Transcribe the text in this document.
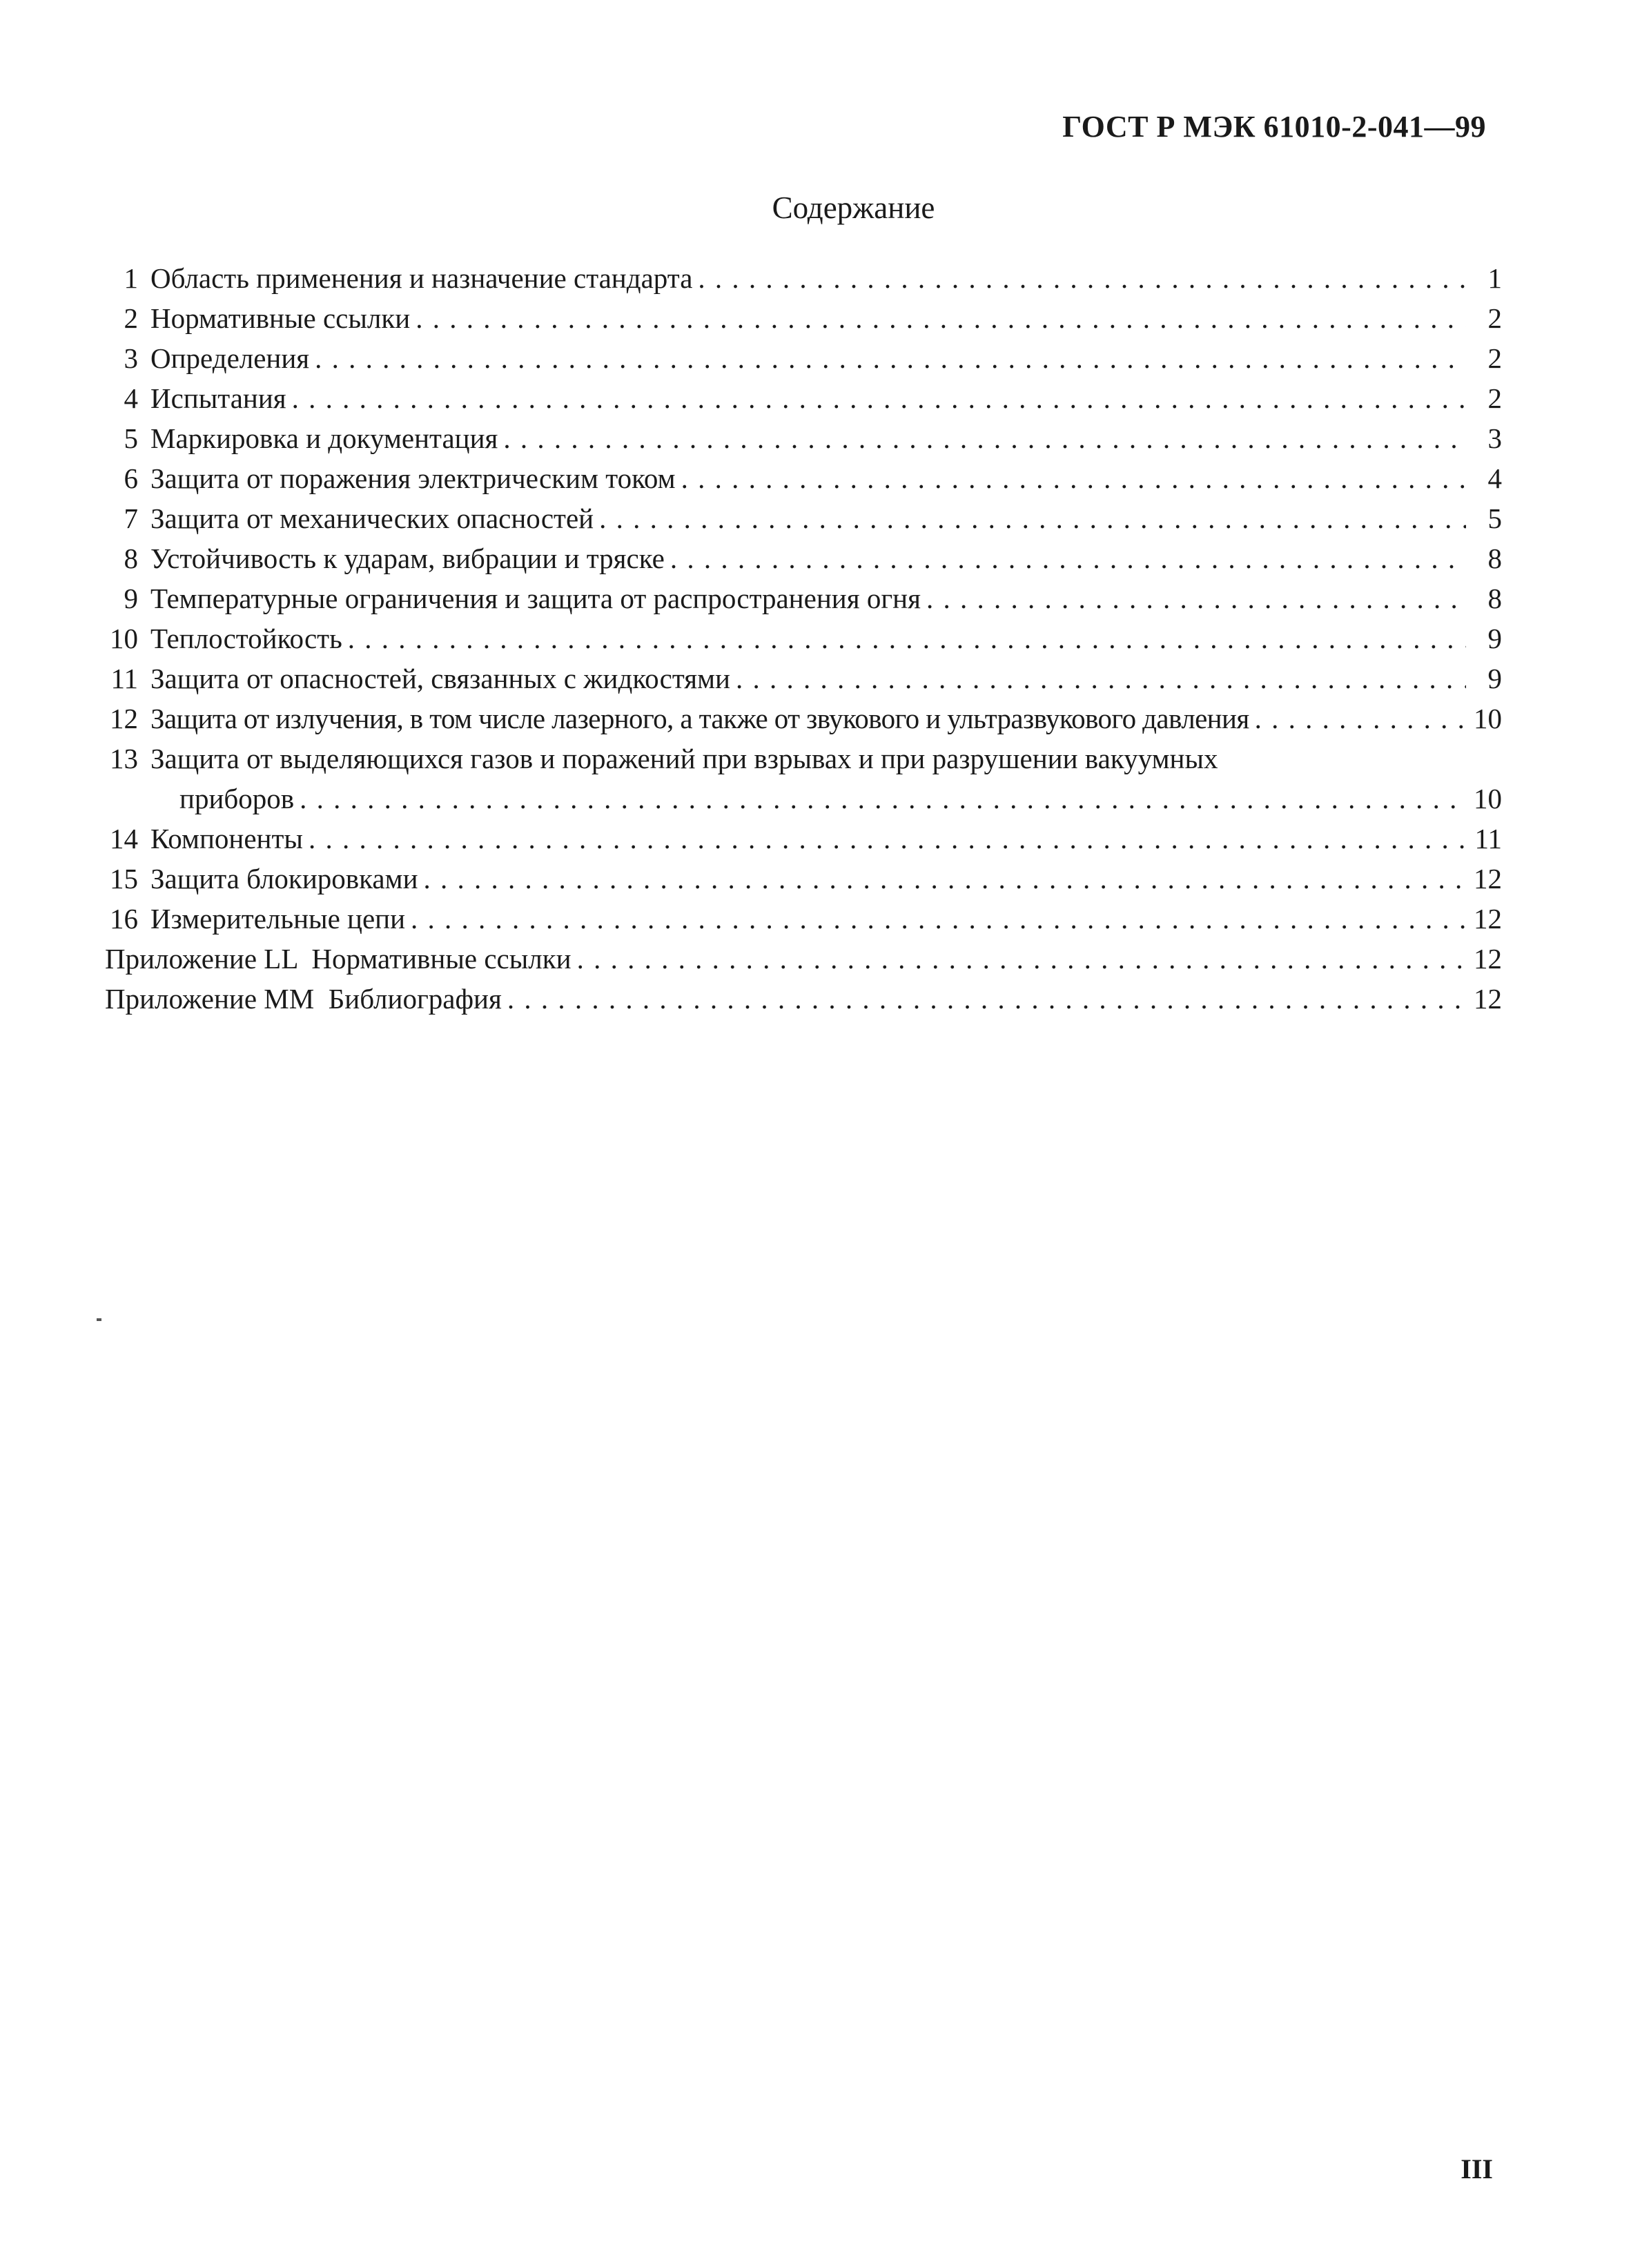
ГОСТ Р МЭК 61010-2-041—99
Содержание
1 Область применения и назначение стандарта . . .	1
2 Нормативные ссылки . . .	2
3 Определения . . .	2
4 Испытания . . .	2
5 Маркировка и документация . . .	3
6 Защита от поражения электрическим током . . .	4
7 Защита от механических опасностей . . .	5
8 Устойчивость к ударам, вибрации и тряске . . .	8
9 Температурные ограничения и защита от распространения огня . . .	8
10 Теплостойкость . . .	9
11 Защита от опасностей, связанных с жидкостями . . .	9
12 Защита от излучения, в том числе лазерного, а также от звукового и ультразвукового давления . . .	10
13 Защита от выделяющихся газов и поражений при взрывах и при разрушении вакуумных
приборов . . .	10
14 Компоненты . . .	11
15 Защита блокировками . . .	12
16 Измерительные цепи . . .	12
Приложение LL  Нормативные ссылки . . .	12
Приложение MM  Библиография . . .	12
III
